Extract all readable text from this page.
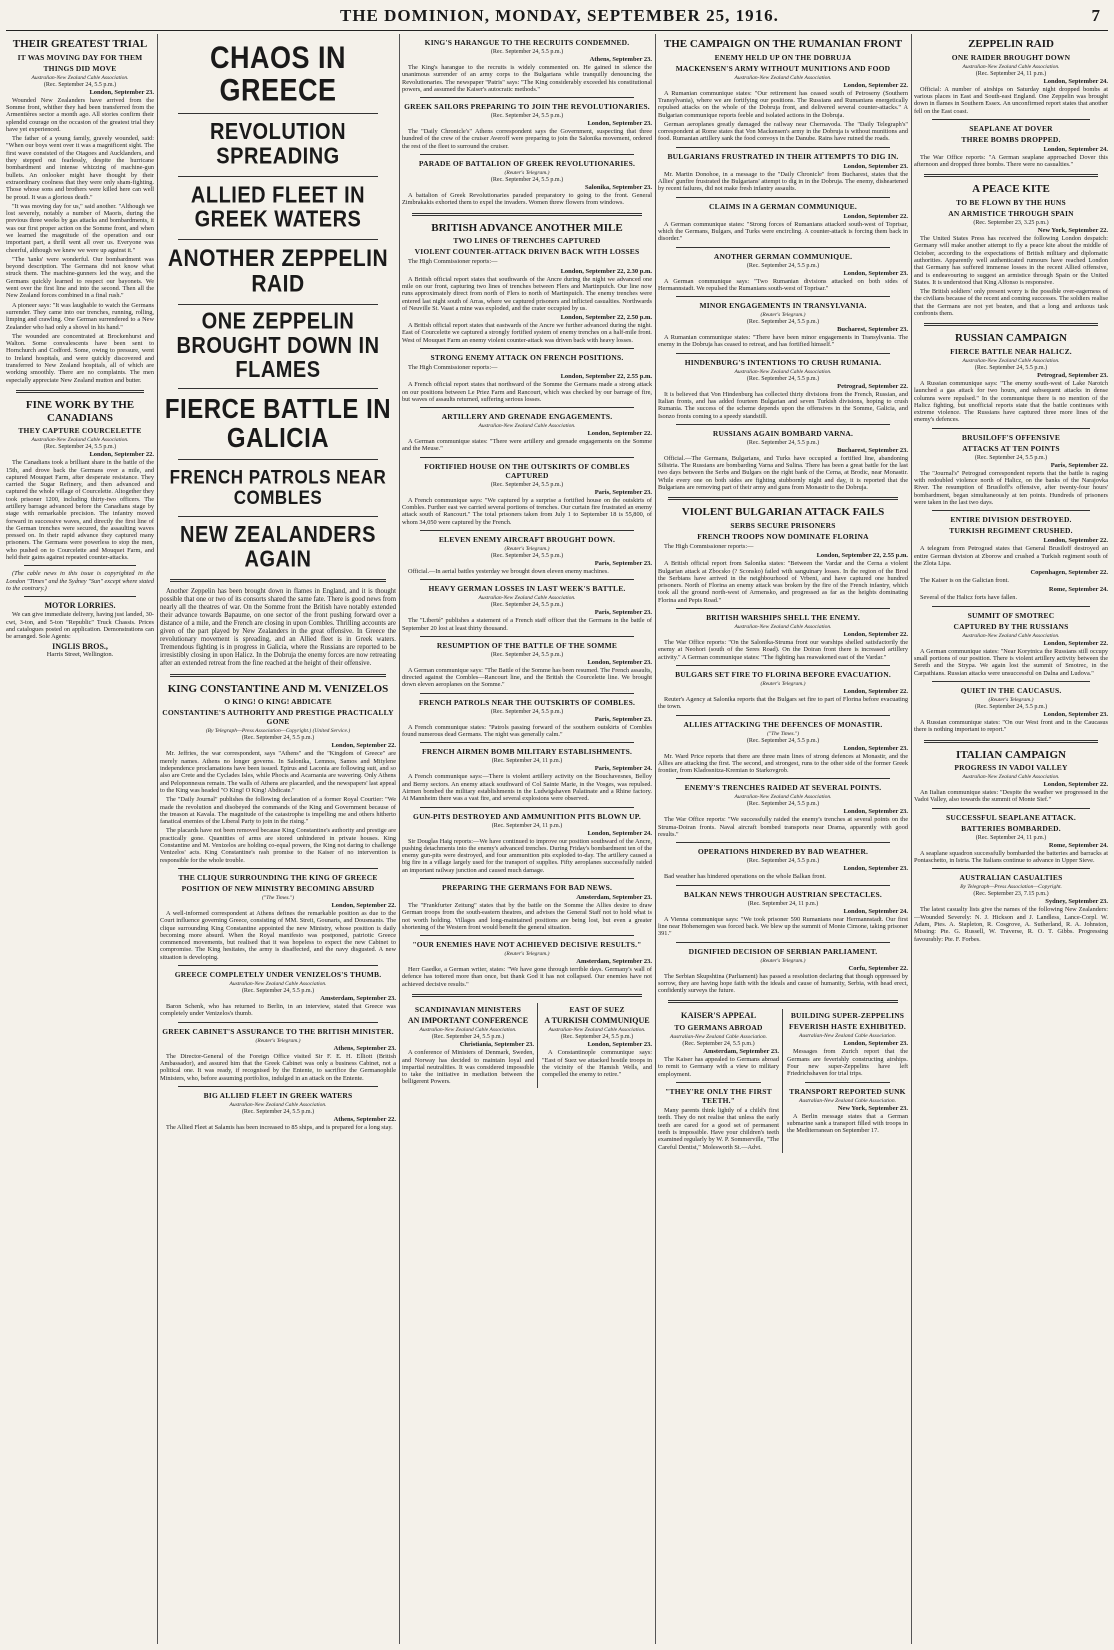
THE DOMINION, MONDAY, SEPTEMBER 25, 1916.	7
THEIR GREATEST TRIAL
IT WAS MOVING DAY FOR THEM
THINGS DID MOVE
Australian-New Zealand Cable Association.
(Rec. September 24, 5.5 p.m.)
London, September 23.

Wounded New Zealanders have arrived from the Somme front, whither they had been transferred from the Armentières sector a month ago. All stories confirm their splendid courage on the occasion of the greatest trial they have yet experienced.

The father of a young family, gravely wounded, said: "When our boys went over it was a magnificent sight. The first wave consisted of the Otagoes and Aucklanders, and they stepped out fearlessly, despite the hurricane bombardment and intense whizzing of machine-gun bullets. An onlooker might have thought by their extraordinary coolness that they were only sham-fighting. Those whose sons and brothers were killed here can well be proud. It was a glorious death."

"It was moving day for us," said another. "Although we lost severely, notably a number of Maoris, during the previous three weeks by gas attacks and bombardments, it was our first proper action on the Somme front, and when we learned the magnitude of the operation and our important part, a thrill went all over us. Everyone was cheerful, although we knew we were up against it."

"The 'tanks' were wonderful. Our bombardment was beyond description. The Germans did not know what struck them. The machine-gunners led the way, and the Germans quickly learned to respect our bayonets. We went over the first line and into the second. Then all the New Zealand forces combined in a final rush."

A pioneer says: "It was laughable to watch the Germans surrender. They came into our trenches, running, rolling, limping and crawling. One German surrendered to a New Zealander who had only a shovel in his hand."

The wounded are concentrated at Brockenhurst and Walton. Some convalescents have been sent to Hornchurch and Codford. Some, owing to pressure, went to Ireland hospitals, and were quickly discovered and transferred to New Zealand hospitals, all of which are working smoothly. There are no complaints. The men especially appreciate New Zealand mutton and butter.

FINE WORK BY THE CANADIANS
THEY CAPTURE COURCELETTE
Australian-New Zealand Cable Association.
(Rec. September 24, 5.5 p.m.)
London, September 22.

The Canadians took a brilliant share in the battle of the 15th, and drove back the Germans over a mile, and captured Mouquet Farm, after desperate resistance. They carried the Sugar Refinery, and then advanced and captured the whole village of Courcelette. Altogether they took prisoner 1200, including thirty-two officers. The artillery barrage advanced before the Canadians stage by stage with remarkable precision. The infantry moved forward in successive waves, and directly the first line of the German trenches were secured, the assaulting waves pressed on. In their rapid advance they captured many prisoners. The Germans were powerless to stop the men, who pushed on to Courcelette and Mouquet Farm, and held their gains against repeated counter-attacks.

(The cable news in this issue is copyrighted in the London "Times" and the Sydney "Sun" except where stated to the contrary.)

MOTOR LORRIES.

We can give immediate delivery, having just landed, 30-cwt, 3-ton, and 5-ton "Republic" Truck Chassis. Prices and catalogues posted on application. Demonstrations can be arranged. Sole Agents:

INGLIS BROS.,
Harris Street, Wellington.
CHAOS IN GREECE
REVOLUTION SPREADING
ALLIED FLEET IN GREEK WATERS
ANOTHER ZEPPELIN RAID
ONE ZEPPELIN BROUGHT DOWN IN FLAMES
FIERCE BATTLE IN GALICIA
FRENCH PATROLS NEAR COMBLES
NEW ZEALANDERS AGAIN

Another Zeppelin has been brought down in flames in England, and it is thought possible that one or two of its consorts shared the same fate. There is good news from nearly all the theatres of war. On the Somme front the British have notably extended their advance towards Bapaume, on one sector of the front pushing forward over a distance of a mile, and the French are closing in upon Combles. Thrilling accounts are given of the part played by New Zealanders in the great offensive. In Greece the revolutionary movement is spreading, and an Allied fleet is in Greek waters. Tremendous fighting is in progress in Galicia, where the Russians are reported to be irresistibly closing in upon Halicz. In the Dobruja the enemy forces are now retreating after an extended retreat from the fine reached at the height of their offensive.

KING CONSTANTINE AND M. VENIZELOS
O KING! O KING! ABDICATE
CONSTANTINE'S AUTHORITY AND PRESTIGE PRACTICALLY GONE
(By Telegraph—Press Association—Copyright.) (United Service.)
(Rec. September 24, 5.5 p.m.)
London, September 22.

Mr. Jeffries, the war correspondent, says "Athens" and the "Kingdom of Greece" are merely names. Athens no longer governs. In Salonika, Lemnos, Samos and Mitylene independence proclamations have been issued. Epirus and Laconia are following suit, and so also are Crete and the Cyclades Isles, while Phocis and Acarnania are wavering. Only Athens and Peloponnesus remain. The walls of Athens are placarded, and the newspapers' last appeal to the King was headed "O King! O King! Abdicate."

The "Daily Journal" publishes the following declaration of a former Royal Courtier: "We made the revolution and disobeyed the commands of the King and Government because of the treason at Kavala. The magnitude of the catastrophe is impelling me and others hitherto fanatical enemies of the Liberal Party to join in the rising."

The placards have not been removed because King Constantine's authority and prestige are practically gone. Quantities of arms are stored unhindered in private houses. King Constantine and M. Venizelos are holding co-equal powers, the King not daring to challenge Venizelos' acts. King Constantine's rash promise to the Kaiser of no intervention is responsible for the whole trouble.

THE CLIQUE SURROUNDING THE KING OF GREECE
POSITION OF NEW MINISTRY BECOMING ABSURD
("The Times.")
London, September 22.

A well-informed correspondent at Athens defines the remarkable position as due to the Court influence governing Greece, consisting of MM. Streit, Gounaris, and Dousmanis. The clique surrounding King Constantine appointed the new Ministry, whose position is daily becoming more absurd. When the Royal manifesto was postponed, patriotic Greece commenced movements, but realised that it was hopeless to expect the new Cabinet to compromise. The King hesitates, the army is disaffected, and the navy disgusted. A new situation is developing.

GREECE COMPLETELY UNDER VENIZELOS'S THUMB.
Australian-New Zealand Cable Association.
(Rec. September 24, 5.5 p.m.)
Amsterdam, September 23.

Baron Schenk, who has returned to Berlin, in an interview, stated that Greece was completely under Venizelos's thumb.

GREEK CABINET'S ASSURANCE TO THE BRITISH MINISTER.
(Reuter's Telegram.)
Athens, September 23.

The Director-General of the Foreign Office visited Sir F. E. H. Elliott (British Ambassador), and assured him that the Greek Cabinet was only a business Cabinet, not a political one. It was ready, if recognised by the Entente, to sacrifice the Germanophile Ministers, who, before assuming portfolios, indulged in an attack on the Entente.

BIG ALLIED FLEET IN GREEK WATERS
Australian-New Zealand Cable Association.
(Rec. September 24, 5.5 p.m.)
Athens, September 22.

The Allied Fleet at Salamis has been increased to 85 ships, and is prepared for a long stay.

KING'S HARANGUE TO THE RECRUITS CONDEMNED.
(Rec. September 24, 5.5 p.m.)
Athens, September 23.

The King's harangue to the recruits is widely commented on. He gained in silence the unanimous surrender of an army corps to the Bulgarians while tranquilly denouncing the Revolutionaries. The newspaper "Patris" says: "The King considerably exceeded his constitutional powers, and assumed the Kaiser's autocratic methods."

GREEK SAILORS PREPARING TO JOIN THE REVOLUTIONARIES.
(Rec. September 24, 5.5 p.m.)
London, September 23.

The "Daily Chronicle's" Athens correspondent says the Government, suspecting that three hundred of the crew of the cruiser Averoff were preparing to join the Salonika movement, ordered the rest of the fleet to surround the cruiser.

PARADE OF BATTALION OF GREEK REVOLUTIONARIES.
(Reuter's Telegram.)
(Rec. September 24, 5.5 p.m.)
Salonika, September 23.

A battalion of Greek Revolutionaries paraded preparatory to going to the front. General Zimbrakakis exhorted them to expel the invaders. Women threw flowers from windows.

BRITISH ADVANCE ANOTHER MILE
TWO LINES OF TRENCHES CAPTURED
VIOLENT COUNTER-ATTACK DRIVEN BACK WITH LOSSES

The High Commissioner reports:—

London, September 22, 2.30 p.m.

A British official report states that southwards of the Ancre during the night we advanced one mile on our front, capturing two lines of trenches between Flers and Martinpuich. Our line now runs approximately direct from north of Flers to north of Martinpuich. The enemy trenches were entered last night south of Arras, where we captured prisoners and inflicted casualties. Northwards of Neuville St. Vaast a mine was exploded, and the crater occupied by us.

London, September 22, 2.50 p.m.

A British official report states that eastwards of the Ancre we further advanced during the night. East of Courcelette we captured a strongly fortified system of enemy trenches on a half-mile front. West of Mouquet Farm an enemy violent counter-attack was driven back with heavy losses.

STRONG ENEMY ATTACK ON FRENCH POSITIONS.

The High Commissioner reports:—

London, September 22, 2.55 p.m.

A French official report states that northward of the Somme the Germans made a strong attack on our positions between Le Priez Farm and Rancourt, which was checked by our barrage of fire, but waves of assaults returned, suffering serious losses.

ARTILLERY AND GRENADE ENGAGEMENTS.
Australian-New Zealand Cable Association.
London, September 22.

A German communique states: "There were artillery and grenade engagements on the Somme and the Meuse."

FORTIFIED HOUSE ON THE OUTSKIRTS OF COMBLES CAPTURED
(Rec. September 24, 5.5 p.m.)
Paris, September 23.

A French communique says: "We captured by a surprise a fortified house on the outskirts of Combles. Further east we carried several portions of trenches. Our curtain fire frustrated an enemy attack south of Rancourt." The total prisoners taken from July 1 to September 18 is 55,800, of whom 34,050 were captured by the French.

ELEVEN ENEMY AIRCRAFT BROUGHT DOWN.
(Reuter's Telegram.)
(Rec. September 24, 5.5 p.m.)
Paris, September 23.

Official.—In aerial battles yesterday we brought down eleven enemy machines.

HEAVY GERMAN LOSSES IN LAST WEEK'S BATTLE.
Australian-New Zealand Cable Association.
(Rec. September 24, 5.5 p.m.)
Paris, September 23.

The "Liberté" publishes a statement of a French staff officer that the Germans in the battle of September 20 lost at least thirty thousand.

RESUMPTION OF THE BATTLE OF THE SOMME
(Rec. September 24, 5.5 p.m.)
London, September 23.

A German communique says: "The Battle of the Somme has been resumed. The French assaults, directed against the Combles—Rancourt line, and the British the Courcelette line. We brought down eleven aeroplanes on the Somme."

FRENCH PATROLS NEAR THE OUTSKIRTS OF COMBLES.
(Rec. September 24, 5.5 p.m.)
Paris, September 23.

A French communique states: "Patrols passing forward of the southern outskirts of Combles found numerous dead Germans. The night was generally calm."

FRENCH AIRMEN BOMB MILITARY ESTABLISHMENTS.
(Rec. September 24, 11 p.m.)
Paris, September 24.

A French communique says:—There is violent artillery activity on the Bouchavesnes, Belloy and Berny sectors. An enemy attack southward of Col Sainte Marie, in the Vosges, was repulsed. Airmen bombed the military establishments in the Ludwigshaven Palatinate and a Rhine factory. At Mannheim there was a vast fire, and several explosions were observed.

GUN-PITS DESTROYED AND AMMUNITION PITS BLOWN UP.
(Rec. September 24, 11 p.m.)
London, September 24.

Sir Douglas Haig reports:—We have continued to improve our position southward of the Ancre, pushing detachments into the enemy's advanced trenches. During Friday's bombardment ten of the enemy gun-pits were destroyed, and four ammunition pits exploded to-day. The artillery caused a big fire in a village largely used for the transport of supplies. Fifty aeroplanes successfully raided an important railway junction and caused much damage.

PREPARING THE GERMANS FOR BAD NEWS.
Amsterdam, September 23.

The "Frankfurter Zeitung" states that by the battle on the Somme the Allies desire to draw German troops from the south-eastern theatres, and advises the General Staff not to hold what is not worth holding. Villages and long-maintained positions are being lost, but even a greater shortening of the Western front would benefit the general situation.

"OUR ENEMIES HAVE NOT ACHIEVED DECISIVE RESULTS."
(Reuter's Telegram.)
Amsterdam, September 23.

Herr Gaedke, a German writer, states: "We have gone through terrible days. Germany's wall of defence has tottered more than once, but thank God it has not collapsed. Our enemies have not achieved decisive results."

SCANDINAVIAN MINISTERS
AN IMPORTANT CONFERENCE
Australian-New Zealand Cable Association.
(Rec. September 24, 5.5 p.m.)
Christiania, September 23.

A conference of Ministers of Denmark, Sweden, and Norway has decided to maintain loyal and impartial neutralities. It was considered impossible to take the initiative in mediation between the belligerent Powers.

EAST OF SUEZ
A TURKISH COMMUNIQUE
Australian-New Zealand Cable Association.
(Rec. September 24, 5.5 p.m.)
London, September 23.

A Constantinople communique says: "East of Suez we attacked hostile troops in the vicinity of the Hamish Wells, and compelled the enemy to retire."

THE CAMPAIGN ON THE RUMANIAN FRONT
ENEMY HELD UP ON THE DOBRUJA
MACKENSEN'S ARMY WITHOUT MUNITIONS AND FOOD
Australian-New Zealand Cable Association.
London, September 22.

A Rumanian communique states: "Our retirement has ceased south of Petroseny (Southern Transylvania), where we are fortifying our positions. The Russians and Rumanians energetically repulsed attacks on the whole of the Dobruja front, and delivered several counter-attacks." A Bulgarian communique reports feeble and isolated actions in the Dobruja.

German aeroplanes greatly damaged the railway near Chernavoda. The "Daily Telegraph's" correspondent at Rome states that Von Mackensen's army in the Dobruja is without munitions and food. Rumanian artillery sank the food convoys in the Danube. Rains have ruined the roads.

BULGARIANS FRUSTRATED IN THEIR ATTEMPTS TO DIG IN.
London, September 23.

Mr. Martin Donohoe, in a message to the "Daily Chronicle" from Bucharest, states that the Allies' gunfire frustrated the Bulgarians' attempt to dig in in the Dobruja. The enemy, disheartened by recent failures, did not make fresh infantry assaults.

CLAIMS IN A GERMAN COMMUNIQUE.
London, September 22.

A German communique states: "Strong forces of Rumanians attacked south-west of Toprisar, which the Germans, Bulgars, and Turks were encircling. A counter-attack is forcing them back in disorder."

ANOTHER GERMAN COMMUNIQUE.
(Rec. September 24, 5.5 p.m.)
London, September 23.

A German communique says: "Two Rumanian divisions attacked on both sides of Hermannstadt. We repulsed the Rumanians south-west of Toprisar."

MINOR ENGAGEMENTS IN TRANSYLVANIA.
(Reuter's Telegram.)
(Rec. September 24, 5.5 p.m.)
Bucharest, September 23.

A Rumanian communique states: "There have been minor engagements in Transylvania. The enemy in the Dobruja has ceased to retreat, and has fortified himself."

HINDENBURG'S INTENTIONS TO CRUSH RUMANIA.
Australian-New Zealand Cable Association.
(Rec. September 24, 5.5 p.m.)
Petrograd, September 22.

It is believed that Von Hindenburg has collected thirty divisions from the French, Russian, and Italian fronts, and has added fourteen Bulgarian and seven Turkish divisions, hoping to crush Rumania. The success of the scheme depends upon the offensives in the Somme, Galicia, and Isonzo fronts coming to a speedy standstill.

RUSSIANS AGAIN BOMBARD VARNA.
(Rec. September 24, 5.5 p.m.)
Bucharest, September 23.

Official.—The Germans, Bulgarians, and Turks have occupied a fortified line, abandoning Silistria. The Russians are bombarding Varna and Sulina. There has been a great battle for the last two days between the Serbs and Bulgars on the right bank of the Cerna, at Brodic, near Monastir. While every one on both sides are fighting stubbornly night and day, it is reported that the Bulgarians are removing part of their army and guns from Monastir to the Dobruja.

VIOLENT BULGARIAN ATTACK FAILS
SERBS SECURE PRISONERS
FRENCH TROOPS NOW DOMINATE FLORINA

The High Commissioner reports:—

London, September 22, 2.55 p.m.

A British official report from Salonika states: "Between the Vardar and the Cerna a violent Bulgarian attack at Zbocsko (? Sconsko) failed with sanguinary losses. In the region of the Brod the Serbians have arrived in the neighbourhood of Vrbeni, and have captured one hundred prisoners. North of Florina an enemy attack was broken by the fire of the French infantry, which took all the ground north-west of Armensko, and progressed as far as the heights dominating Florina and Pepis Road."

BRITISH WARSHIPS SHELL THE ENEMY.
Australian-New Zealand Cable Association.
London, September 22.

The War Office reports: "On the Salonika-Struma front our warships shelled satisfactorily the enemy at Neohori (south of the Seres Road). On the Doiran front there is increased artillery activity." A German communique states: "The fighting has reawakened east of the Vardar."

BULGARS SET FIRE TO FLORINA BEFORE EVACUATION.
(Reuter's Telegram.)
London, September 22.

Reuter's Agency at Salonika reports that the Bulgars set fire to part of Florina before evacuating the town.

ALLIES ATTACKING THE DEFENCES OF MONASTIR.
("The Times.")
(Rec. September 24, 5.5 p.m.)
London, September 23.

Mr. Ward Price reports that there are three main lines of strong defences at Monastir, and the Allies are attacking the first. The second, and strongest, runs to the other side of the former Greek frontier, from Kladosnitza-Kremian to Starkovgrob.

ENEMY'S TRENCHES RAIDED AT SEVERAL POINTS.
Australian-New Zealand Cable Association.
(Rec. September 24, 5.5 p.m.)
London, September 23.

The War Office reports: "We successfully raided the enemy's trenches at several points on the Struma-Doiran fronts. Naval aircraft bombed transports near Drama, apparently with good results."

OPERATIONS HINDERED BY BAD WEATHER.
(Rec. September 24, 5.5 p.m.)
London, September 23.

Bad weather has hindered operations on the whole Balkan front.

BALKAN NEWS THROUGH AUSTRIAN SPECTACLES.
(Rec. September 24, 11 p.m.)
London, September 24.

A Vienna communique says: "We took prisoner 590 Rumanians near Hermannstadt. Our first line near Hohenemgen was forced back. We blew up the summit of Monte Cimone, taking prisoner 391."

DIGNIFIED DECISION OF SERBIAN PARLIAMENT.
(Reuter's Telegram.)
Corfu, September 22.

The Serbian Skupshtina (Parliament) has passed a resolution declaring that though oppressed by sorrow, they are having hope faith with the ideals and cause of humanity, Serbia, with head erect, confidently surveys the future.

KAISER'S APPEAL
TO GERMANS ABROAD
Australian-New Zealand Cable Association.
(Rec. September 24, 5.5 p.m.)
Amsterdam, September 23.

The Kaiser has appealed to Germans abroad to remit to Germany with a view to military employment.

"THEY'RE ONLY THE FIRST TEETH."

Many parents think lightly of a child's first teeth. They do not realise that unless the early teeth are cared for a good set of permanent teeth is impossible. Have your children's teeth examined regularly by W. P. Sommerville, "The Careful Dentist," Molesworth St.—Advt.

BUILDING SUPER-ZEPPELINS
FEVERISH HASTE EXHIBITED.
Australian-New Zealand Cable Association.
London, September 23.

Messages from Zurich report that the Germans are feverishly constructing airships. Four new super-Zeppelins have left Friedrichshaven for trial trips.

TRANSPORT REPORTED SUNK
Australian-New Zealand Cable Association.
New York, September 23.

A Berlin message states that a German submarine sank a transport filled with troops in the Mediterranean on September 17.

ZEPPELIN RAID
ONE RAIDER BROUGHT DOWN
Australian-New Zealand Cable Association.
(Rec. September 24, 11 p.m.)
London, September 24.

Official: A number of airships on Saturday night dropped bombs at various places in East and South-east England. One Zeppelin was brought down in flames in Southern Essex. An unconfirmed report states that another fell on the East coast.

SEAPLANE AT DOVER
THREE BOMBS DROPPED.
London, September 24.

The War Office reports: "A German seaplane approached Dover this afternoon and dropped three bombs. There were no casualties."

A PEACE KITE
TO BE FLOWN BY THE HUNS
AN ARMISTICE THROUGH SPAIN
(Rec. September 23, 3.25 p.m.)
New York, September 22.

The United States Press has received the following London despatch: Germany will make another attempt to fly a peace kite about the middle of October, according to the expectations of British military and diplomatic authorities. Apparently well authenticated rumours have reached London that Germany has suffered immense losses in the recent Allied offensive, and is endeavouring to suggest an armistice through Spain or the United States. It is understood that King Alfonso is responsive.

The British soldiers' only present worry is the possible over-eagerness of the civilians because of the recent and coming successes. The soldiers realise that the Germans are not yet beaten, and that a long and arduous task confronts them.

RUSSIAN CAMPAIGN
FIERCE BATTLE NEAR HALICZ.
Australian-New Zealand Cable Association.
(Rec. September 24, 5.5 p.m.)
Petrograd, September 23.

A Russian communique says: "The enemy south-west of Lake Narotch launched a gas attack for two hours, and subsequent attacks in dense columns were repulsed." In the communique there is no mention of the Halicz fighting, but unofficial reports state that the battle continues with extreme violence. The Russians have captured three more lines of the enemy's defences.

BRUSILOFF'S OFFENSIVE
ATTACKS AT TEN POINTS
(Rec. September 24, 5.5 p.m.)
Paris, September 22.

The "Journal's" Petrograd correspondent reports that the battle is raging with redoubled violence north of Halicz, on the banks of the Narajovka River. The resumption of Brusiloff's offensive, after twenty-four hours' bombardment, began simultaneously at ten points. Hundreds of prisoners were taken in the last two days.

ENTIRE DIVISION DESTROYED.
TURKISH REGIMENT CRUSHED.
London, September 22.

A telegram from Petrograd states that General Brusiloff destroyed an entire German division at Zborow and crushed a Turkish regiment south of the Zlota Lipa.

Copenhagen, September 22.

The Kaiser is on the Galician front.

Rome, September 24.

Several of the Halicz forts have fallen.

SUMMIT OF SMOTREC
CAPTURED BY THE RUSSIANS
Australian-New Zealand Cable Association.
London, September 22.

A German communique states: "Near Korytnica the Russians still occupy small portions of our position. There is violent artillery activity between the Sereth and the Strypa. We again lost the summit of Smotrec, in the Carpathians. Russian attacks were unsuccessful on Dalna and Ludova."

QUIET IN THE CAUCASUS.
(Reuter's Telegram.)
(Rec. September 24, 5.5 p.m.)
London, September 23.

A Russian communique states: "On our West front and in the Caucasus there is nothing important to report."

ITALIAN CAMPAIGN
PROGRESS IN VADOI VALLEY
Australian-New Zealand Cable Association.
London, September 22.

An Italian communique states: "Despite the weather we progressed in the Vadoi Valley, also towards the summit of Monte Sief."

SUCCESSFUL SEAPLANE ATTACK.
BATTERIES BOMBARDED.
(Rec. September 24, 11 p.m.)
Rome, September 24.

A seaplane squadron successfully bombarded the batteries and barracks at Pontaschetto, in Istria. The Italians continue to advance in Upper Sieve.

AUSTRALIAN CASUALTIES
By Telegraph—Press Association—Copyright.
(Rec. September 23, 7.15 p.m.)
Sydney, September 23.

The latest casualty lists give the names of the following New Zealanders:—Wounded Severely: N. J. Hickson and J. Landless, Lance-Corpl. W. Adam, Ptes. A. Stapleton, R. Cosgrove, A. Sutherland, R. A. Johnston, Missing: Pte. G. Russell, W. Traverse, R. O. T. Gibbs. Progressing favourably: Pte. F. Forbes.
